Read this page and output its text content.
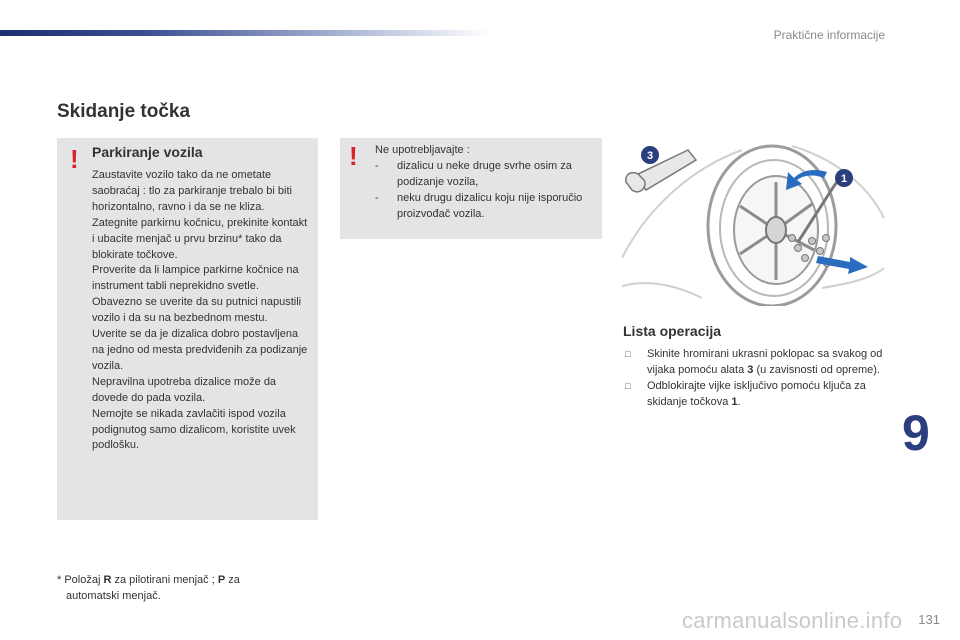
Praktične informacije
Skidanje točka
! Parkiranje vozila

Zaustavite vozilo tako da ne ometate saobraćaj : tlo za parkiranje trebalo bi biti horizontalno, ravno i da se ne kliza.

Zategnite parkirnu kočnicu, prekinite kontakt i ubacite menjač u prvu brzinu* tako da blokirate točkove.

Proverite da li lampice parkirne kočnice na instrument tabli neprekidno svetle.

Obavezno se uverite da su putnici napustili vozilo i da su na bezbednom mestu.

Uverite se da je dizalica dobro postavljena na jedno od mesta predviđenih za podizanje vozila.

Nepravilna upotreba dizalice može da dovede do pada vozila.

Nemojte se nikada zavlačiti ispod vozila podignutog samo dizalicom, koristite uvek podlošku.

! Ne upotrebljavajte :
- dizalicu u neke druge svrhe osim za podizanje vozila,
- neku drugu dizalicu koju nije isporučio proizvođač vozila.
1
3
Lista operacija
□ Skinite hromirani ukrasni poklopac sa svakog od vijaka pomoću alata 3 (u zavisnosti od opreme).
□ Odblokirajte vijke isključivo pomoću ključa za skidanje točkova 1.
9
* Položaj R za pilotirani menjač ; P za
automatski menjač.
131
carmanualsonline.info
